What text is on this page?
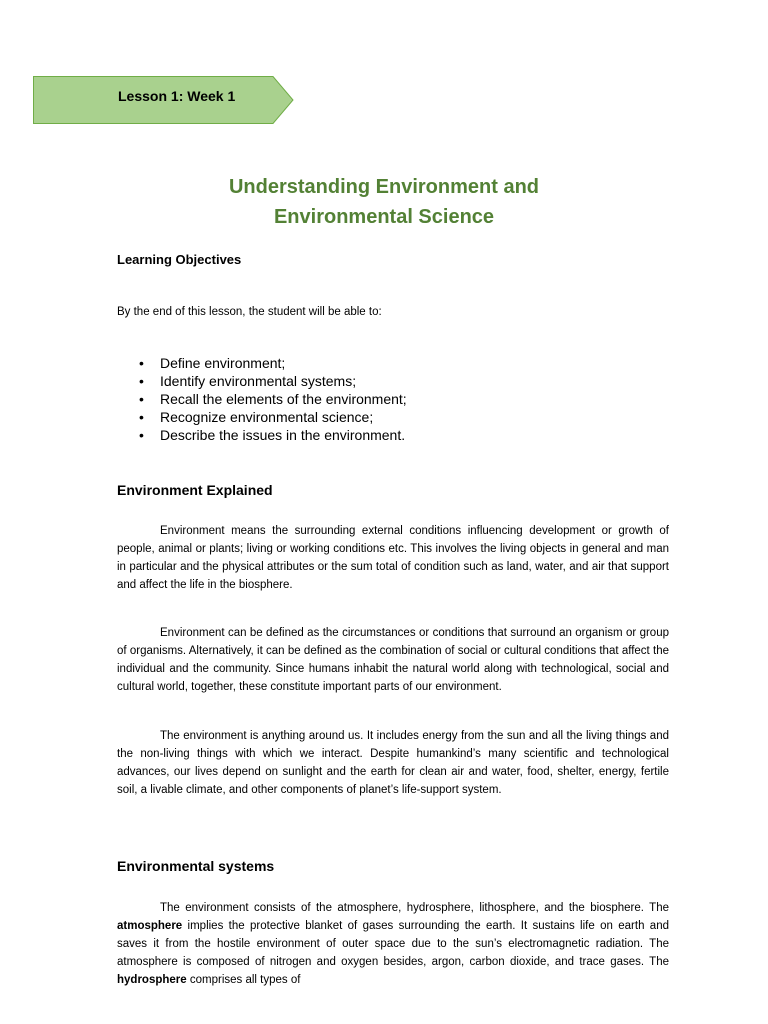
Lesson 1: Week 1
Understanding Environment and
Environmental Science
Learning Objectives
By the end of this lesson, the student will be able to:
• Define environment;
• Identify environmental systems;
• Recall the elements of the environment;
• Recognize environmental science;
• Describe the issues in the environment.
Environment Explained

Environment means the surrounding external conditions influencing development or growth of people, animal or plants; living or working conditions etc. This involves the living objects in general and man in particular and the physical attributes or the sum total of condition such as land, water, and air that support and affect the life in the biosphere.

Environment can be defined as the circumstances or conditions that surround an organism or group of organisms. Alternatively, it can be defined as the combination of social or cultural conditions that affect the individual and the community. Since humans inhabit the natural world along with technological, social and cultural world, together, these constitute important parts of our environment.

The environment is anything around us. It includes energy from the sun and all the living things and the non-living things with which we interact. Despite humankind’s many scientific and technological advances, our lives depend on sunlight and the earth for clean air and water, food, shelter, energy, fertile soil, a livable climate, and other components of planet’s life-support system.

Environmental systems

The environment consists of the atmosphere, hydrosphere, lithosphere, and the biosphere. The atmosphere implies the protective blanket of gases surrounding the earth. It sustains life on earth and saves it from the hostile environment of outer space due to the sun’s electromagnetic radiation. The atmosphere is composed of nitrogen and oxygen besides, argon, carbon dioxide, and trace gases. The hydrosphere comprises all types of
